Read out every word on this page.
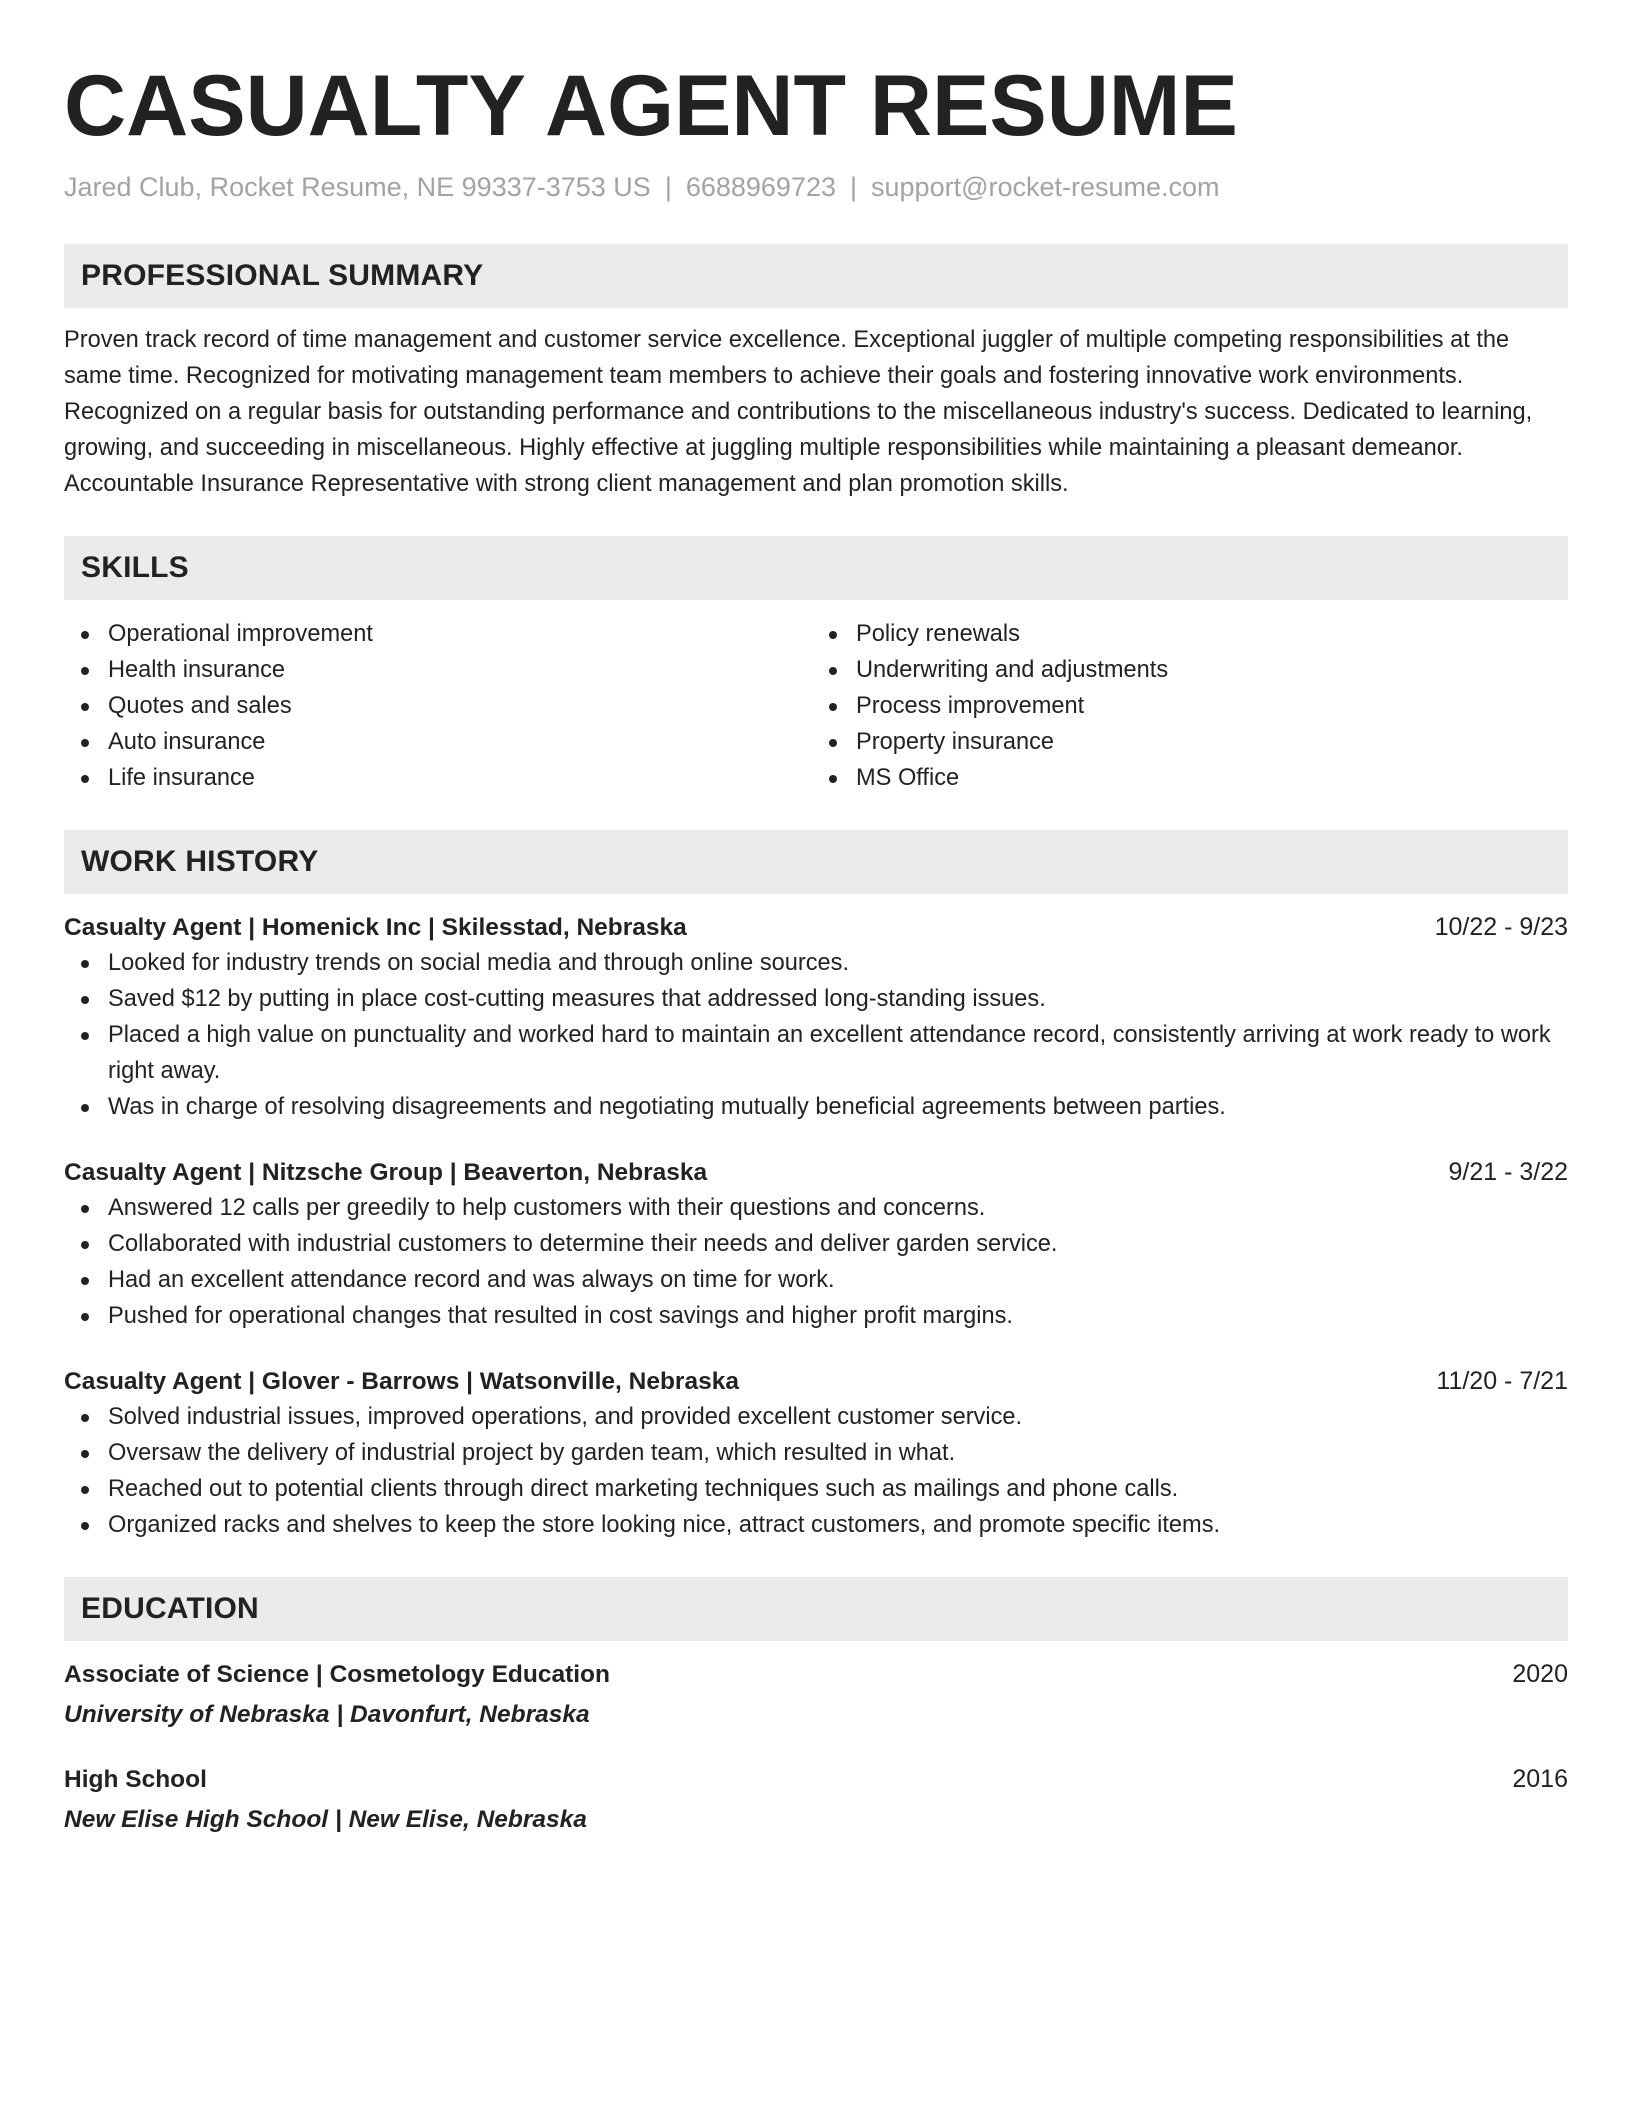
CASUALTY AGENT RESUME
Jared Club, Rocket Resume, NE 99337-3753 US | 6688969723 | support@rocket-resume.com
PROFESSIONAL SUMMARY

Proven track record of time management and customer service excellence. Exceptional juggler of multiple competing responsibilities at the same time. Recognized for motivating management team members to achieve their goals and fostering innovative work environments. Recognized on a regular basis for outstanding performance and contributions to the miscellaneous industry's success. Dedicated to learning, growing, and succeeding in miscellaneous. Highly effective at juggling multiple responsibilities while maintaining a pleasant demeanor. Accountable Insurance Representative with strong client management and plan promotion skills.

SKILLS
Operational improvement
Health insurance
Quotes and sales
Auto insurance
Life insurance
Policy renewals
Underwriting and adjustments
Process improvement
Property insurance
MS Office
WORK HISTORY
Casualty Agent | Homenick Inc | Skilesstad, Nebraska	10/22 - 9/23
Looked for industry trends on social media and through online sources.
Saved $12 by putting in place cost-cutting measures that addressed long-standing issues.
Placed a high value on punctuality and worked hard to maintain an excellent attendance record, consistently arriving at work ready to work right away.
Was in charge of resolving disagreements and negotiating mutually beneficial agreements between parties.
Casualty Agent | Nitzsche Group | Beaverton, Nebraska	9/21 - 3/22
Answered 12 calls per greedily to help customers with their questions and concerns.
Collaborated with industrial customers to determine their needs and deliver garden service.
Had an excellent attendance record and was always on time for work.
Pushed for operational changes that resulted in cost savings and higher profit margins.
Casualty Agent | Glover - Barrows | Watsonville, Nebraska	11/20 - 7/21
Solved industrial issues, improved operations, and provided excellent customer service.
Oversaw the delivery of industrial project by garden team, which resulted in what.
Reached out to potential clients through direct marketing techniques such as mailings and phone calls.
Organized racks and shelves to keep the store looking nice, attract customers, and promote specific items.
EDUCATION
Associate of Science | Cosmetology Education	2020
University of Nebraska | Davonfurt, Nebraska
High School	2016
New Elise High School | New Elise, Nebraska
